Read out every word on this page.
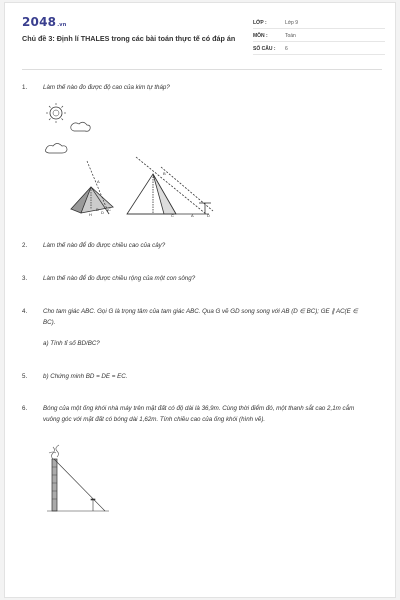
2048.vn
Chủ đề 3: Định lí THALES trong các bài toán thực tế có đáp án
LỚP :	Lớp 9
MÔN :	Toán
SỐ CÂU :	6
1.	Làm thế nào đo được độ cao của kim tự tháp?
A
B
D
H
C
B
C	A	D
2.	Làm thế nào để đo được chiều cao của cây?
3.	Làm thế nào để đo được chiều rộng của một con sông?
4.	Cho tam giác ABC. Gọi G là trọng tâm của tam giác ABC. Qua G vẽ GD song song với AB (D ∈ BC); GE ∥ AC(E ∈ BC).
a) Tính tỉ số BD/BC?
5.	b) Chứng minh BD = DE = EC.
6.	Bóng của một ống khói nhà máy trên mặt đất có độ dài là 36,9m. Cùng thời điểm đó, một thanh sắt cao 2,1m cắm vuông góc với mặt đất có bóng dài 1,62m. Tính chiều cao của ống khói (hình vẽ).
